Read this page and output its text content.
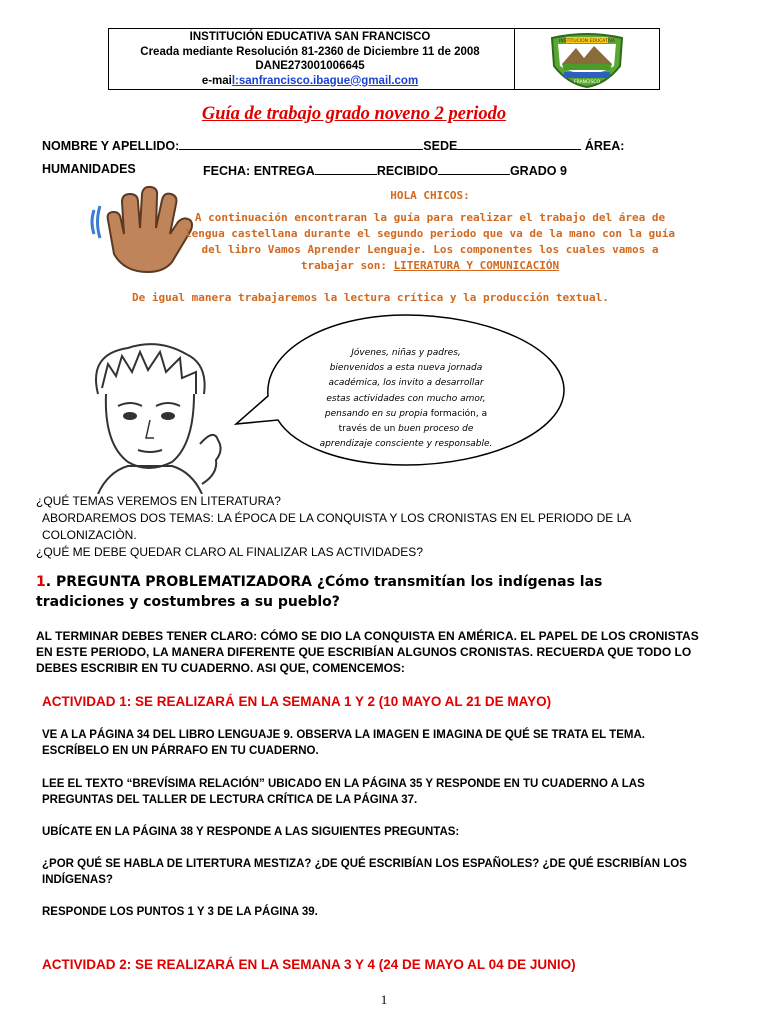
INSTITUCIÓN EDUCATIVA SAN FRANCISCO
Creada mediante Resolución 81-2360 de Diciembre 11 de 2008
DANE273001006645
e-mail:sanfrancisco.ibague@gmail.com
INSTITUCION EDUCATIVA
FRANCISCO
Guía de trabajo grado noveno 2 periodo
NOMBRE Y APELLIDO:	SEDE	ÁREA:
HUMANIDADES	FECHA: ENTREGA	RECIBIDO	GRADO 9
HOLA CHICOS:
A continuación encontraran la guía para realizar el trabajo del área de
lengua castellana durante el segundo periodo que va de la mano con la guía
del libro Vamos Aprender Lenguaje. Los componentes los cuales vamos a
trabajar son: LITERATURA Y COMUNICACIÓN
De igual manera trabajaremos la lectura crítica y la producción textual.
Jóvenes, niñas y padres,
bienvenidos a esta nueva jornada
académica, los invito a desarrollar
estas actividades con mucho amor,
pensando en su propia formación, a
través de un buen proceso de
aprendizaje consciente y responsable.
¿QUÉ TEMAS VEREMOS EN LITERATURA?
ABORDAREMOS DOS TEMAS: LA ÉPOCA DE LA CONQUISTA Y LOS CRONISTAS EN EL PERIODO DE LA
COLONIZACIÒN.
¿QUÉ ME DEBE QUEDAR CLARO AL FINALIZAR LAS ACTIVIDADES?
1. PREGUNTA PROBLEMATIZADORA ¿Cómo transmitían los indígenas las
tradiciones y costumbres a su pueblo?
AL TERMINAR DEBES TENER CLARO: CÓMO SE DIO LA CONQUISTA EN AMÉRICA. EL PAPEL DE LOS CRONISTAS
EN ESTE PERIODO, LA MANERA DIFERENTE QUE ESCRIBÍAN ALGUNOS CRONISTAS. RECUERDA QUE TODO LO
DEBES ESCRIBIR EN TU CUADERNO. ASI QUE, COMENCEMOS:
ACTIVIDAD 1: SE REALIZARÁ EN LA SEMANA 1 Y 2 (10 MAYO AL 21 DE MAYO)
VE A LA PÁGINA 34 DEL LIBRO LENGUAJE 9. OBSERVA LA IMAGEN E IMAGINA DE QUÉ SE TRATA EL TEMA.
ESCRÍBELO EN UN PÁRRAFO EN TU CUADERNO.
LEE EL TEXTO “BREVÍSIMA RELACIÓN” UBICADO EN LA PÁGINA 35 Y RESPONDE EN TU CUADERNO A LAS
PREGUNTAS DEL TALLER DE LECTURA CRÍTICA DE LA PÁGINA 37.
UBÍCATE EN LA PÁGINA 38 Y RESPONDE A LAS SIGUIENTES PREGUNTAS:
¿POR QUÉ SE HABLA DE LITERTURA MESTIZA? ¿DE QUÉ ESCRIBÍAN LOS ESPAÑOLES? ¿DE QUÉ ESCRIBÍAN LOS
INDÍGENAS?
RESPONDE LOS PUNTOS 1 Y 3 DE LA PÁGINA 39.
ACTIVIDAD 2: SE REALIZARÁ EN LA SEMANA 3 Y 4 (24 DE MAYO AL 04 DE JUNIO)
1
